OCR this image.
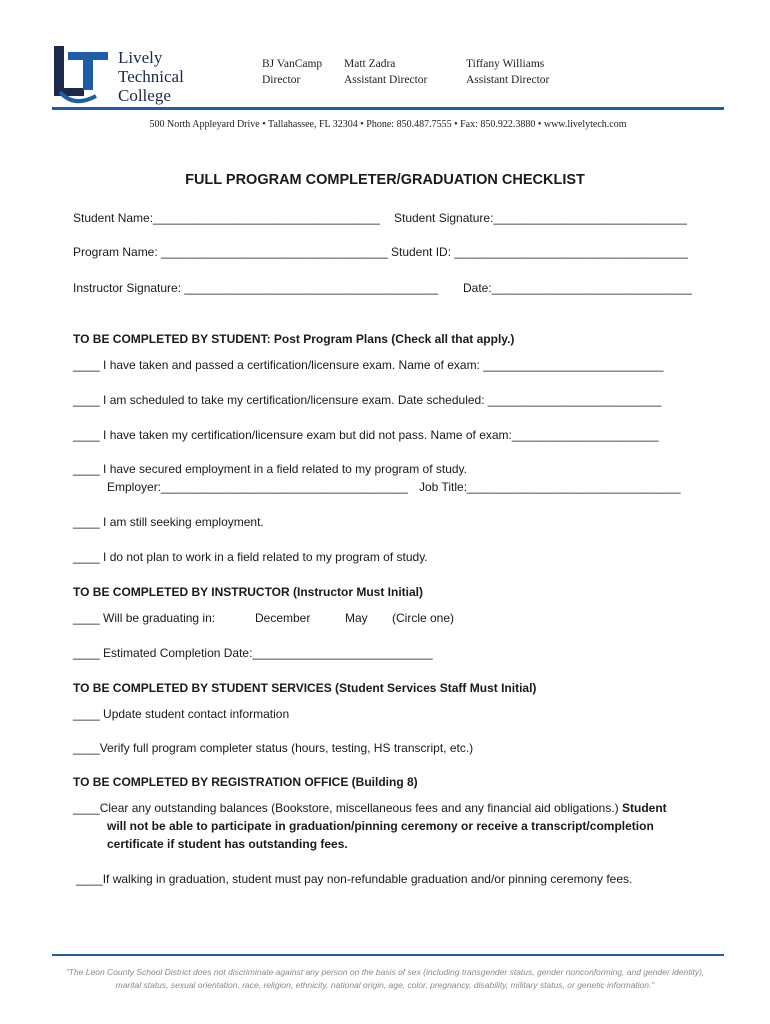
Lively
Technical
College
BJ VanCamp
Director
Matt Zadra
Assistant Director
Tiffany Williams
Assistant Director
500 North Appleyard Drive • Tallahassee, FL 32304 • Phone: 850.487.7555 • Fax: 850.922.3880 • www.livelytech.com
FULL PROGRAM COMPLETER/GRADUATION CHECKLIST
Student Name:__________________________________ Student Signature:_____________________________
Program Name: __________________________________ Student ID: ___________________________________
Instructor Signature: ______________________________________ Date:______________________________
TO BE COMPLETED BY STUDENT: Post Program Plans (Check all that apply.)
____ I have taken and passed a certification/licensure exam. Name of exam: ___________________________
____ I am scheduled to take my certification/licensure exam. Date scheduled: __________________________
____ I have taken my certification/licensure exam but did not pass. Name of exam:______________________
____ I have secured employment in a field related to my program of study.
Employer:_____________________________________ Job Title:________________________________
____ I am still seeking employment.
____ I do not plan to work in a field related to my program of study.
TO BE COMPLETED BY INSTRUCTOR (Instructor Must Initial)
____ Will be graduating in:	December	May (Circle one)
____ Estimated Completion Date:___________________________
TO BE COMPLETED BY STUDENT SERVICES (Student Services Staff Must Initial)
____ Update student contact information
____Verify full program completer status (hours, testing, HS transcript, etc.)
TO BE COMPLETED BY REGISTRATION OFFICE (Building 8)
____Clear any outstanding balances (Bookstore, miscellaneous fees and any financial aid obligations.) Student
will not be able to participate in graduation/pinning ceremony or receive a transcript/completion
certificate if student has outstanding fees.
____If walking in graduation, student must pay non-refundable graduation and/or pinning ceremony fees.
"The Leon County School District does not discriminate against any person on the basis of sex (including transgender status, gender nonconforming, and gender identity),
marital status, sexual orientation, race, religion, ethnicity, national origin, age, color, pregnancy, disability, military status, or genetic information."
